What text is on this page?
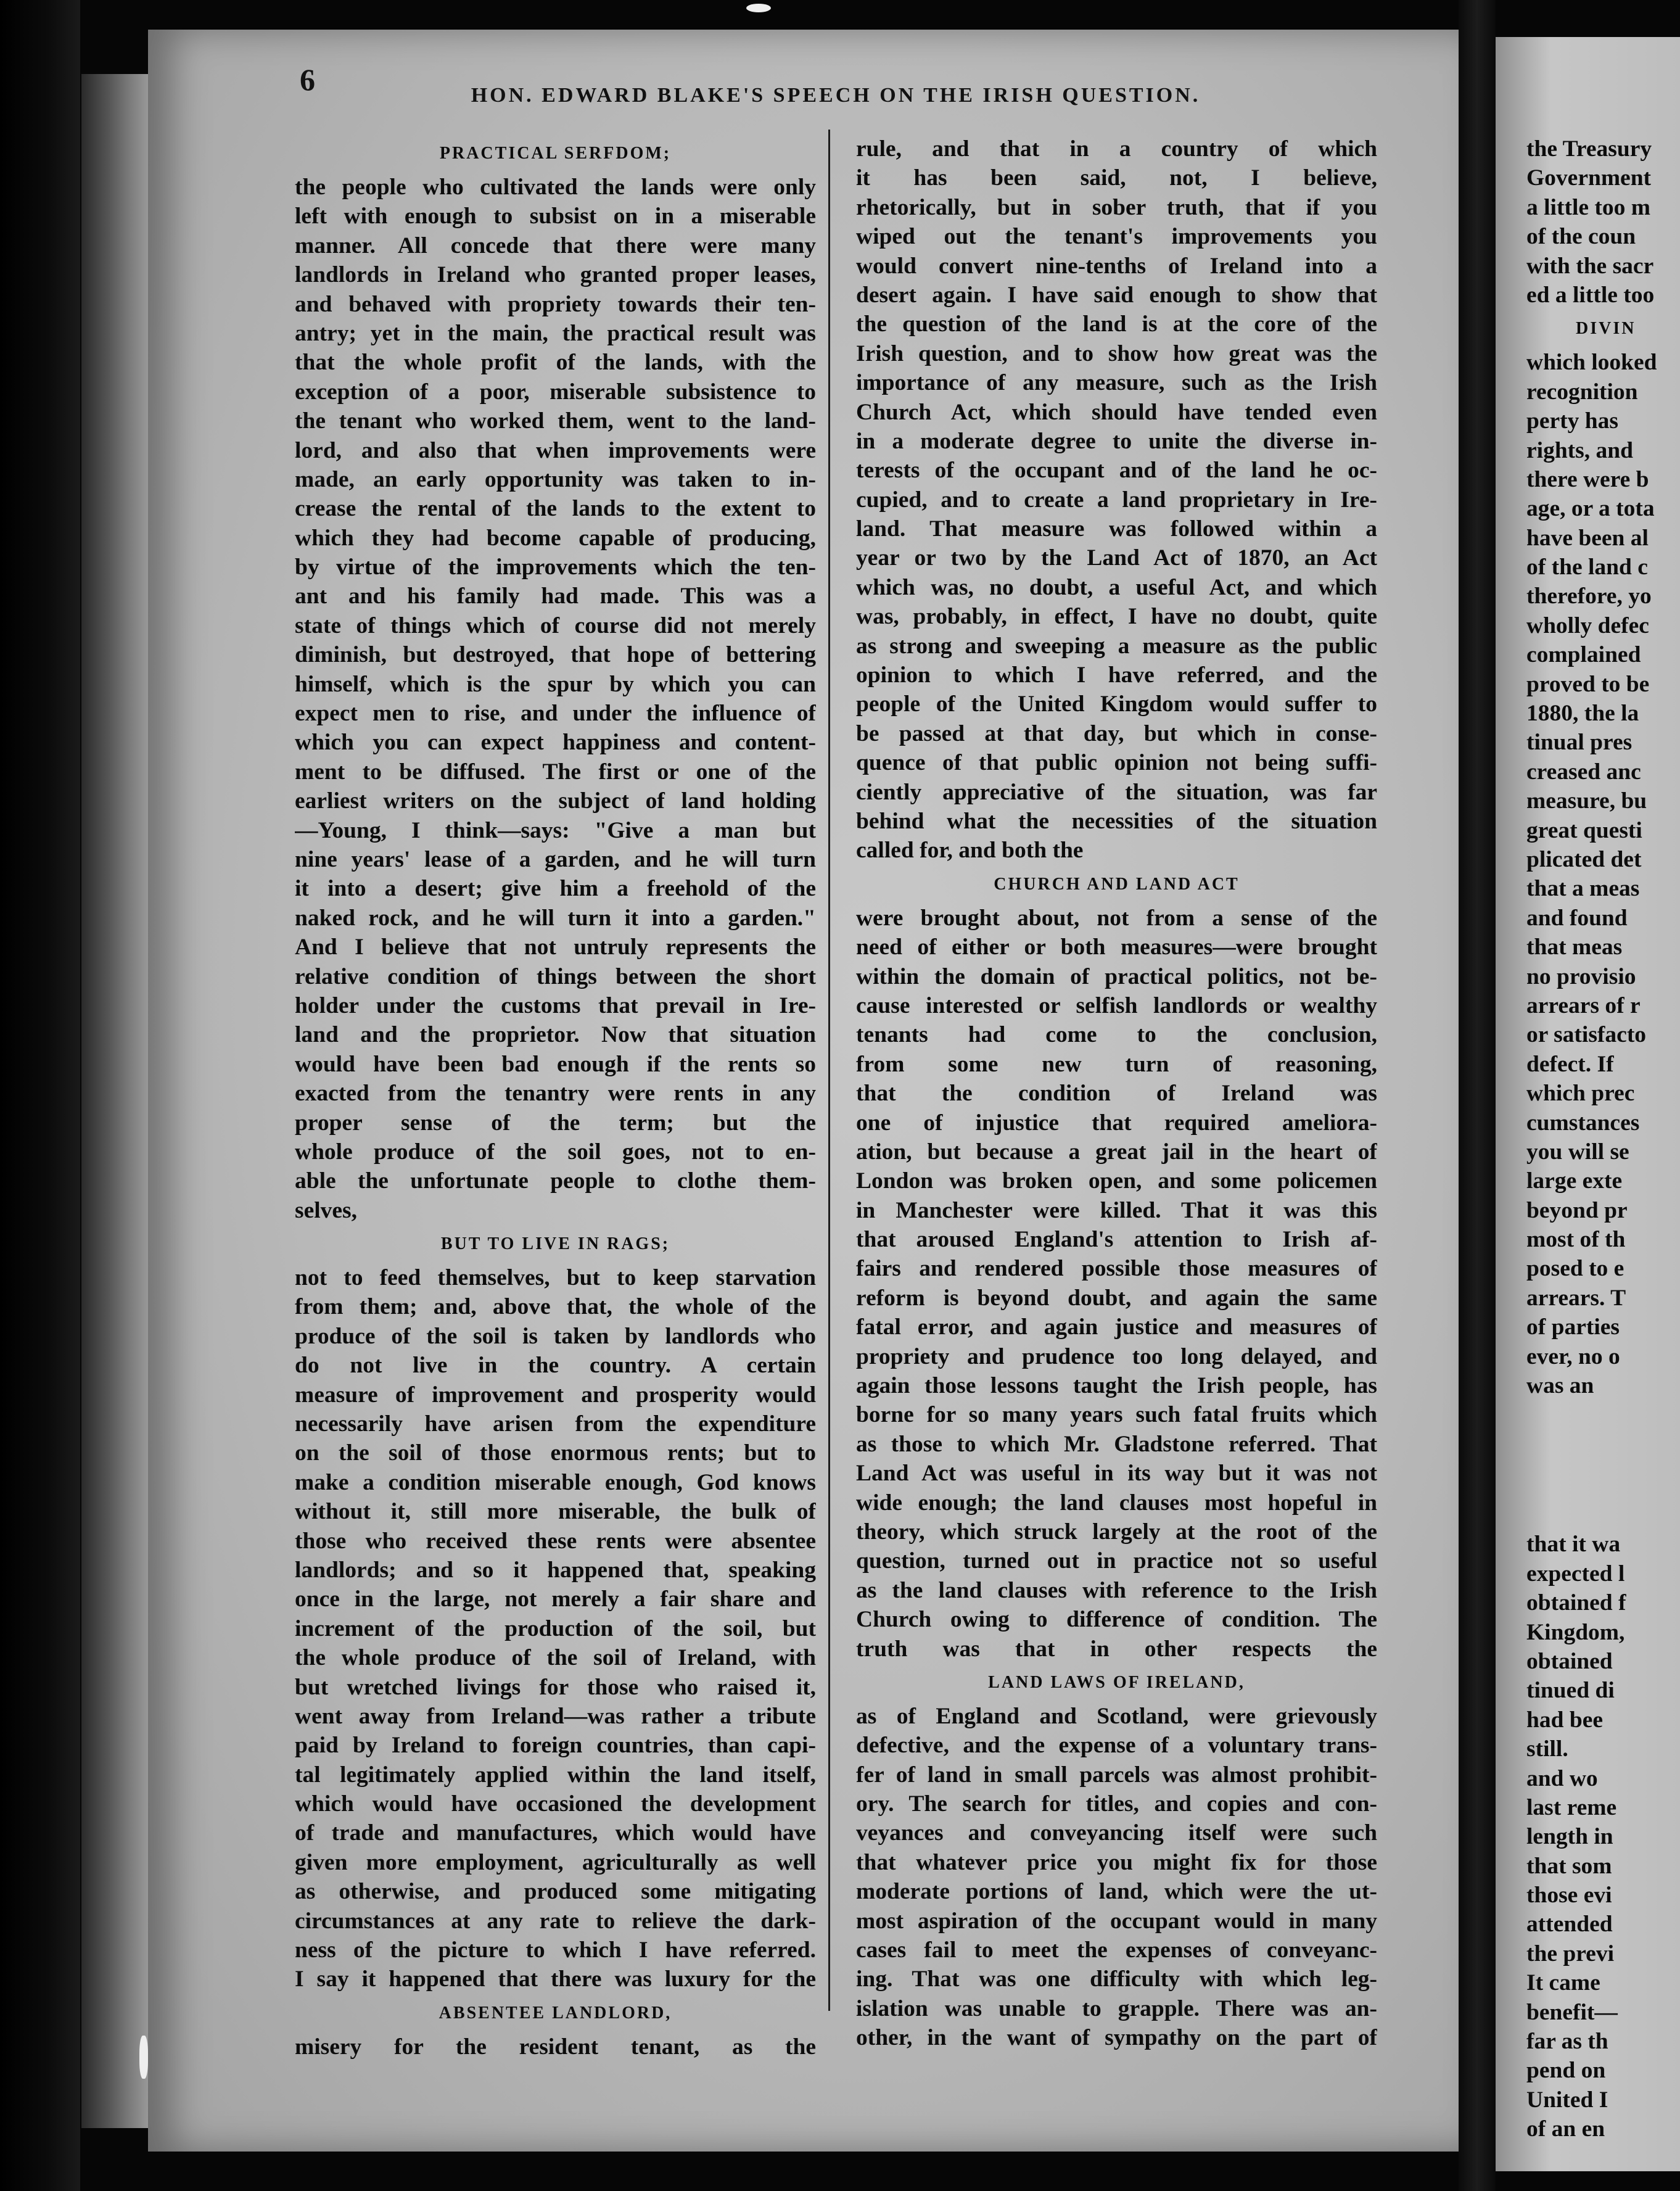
6	HON. EDWARD BLAKE'S SPEECH ON THE IRISH QUESTION.
PRACTICAL SERFDOM;
the people who cultivated the lands were only
left with enough to subsist on in a miserable
manner. All concede that there were many
landlords in Ireland who granted proper leases,
and behaved with propriety towards their ten-
antry; yet in the main, the practical result was
that the whole profit of the lands, with the
exception of a poor, miserable subsistence to
the tenant who worked them, went to the land-
lord, and also that when improvements were
made, an early opportunity was taken to in-
crease the rental of the lands to the extent to
which they had become capable of producing,
by virtue of the improvements which the ten-
ant and his family had made. This was a
state of things which of course did not merely
diminish, but destroyed, that hope of bettering
himself, which is the spur by which you can
expect men to rise, and under the influence of
which you can expect happiness and content-
ment to be diffused. The first or one of the
earliest writers on the subject of land holding
—Young, I think—says: "Give a man but
nine years' lease of a garden, and he will turn
it into a desert; give him a freehold of the
naked rock, and he will turn it into a garden."
And I believe that not untruly represents the
relative condition of things between the short
holder under the customs that prevail in Ire-
land and the proprietor. Now that situation
would have been bad enough if the rents so
exacted from the tenantry were rents in any
proper sense of the term; but the
whole produce of the soil goes, not to en-
able the unfortunate people to clothe them-
selves,
BUT TO LIVE IN RAGS;
not to feed themselves, but to keep starvation
from them; and, above that, the whole of the
produce of the soil is taken by landlords who
do not live in the country. A certain
measure of improvement and prosperity would
necessarily have arisen from the expenditure
on the soil of those enormous rents; but to
make a condition miserable enough, God knows
without it, still more miserable, the bulk of
those who received these rents were absentee
landlords; and so it happened that, speaking
once in the large, not merely a fair share and
increment of the production of the soil, but
the whole produce of the soil of Ireland, with
but wretched livings for those who raised it,
went away from Ireland—was rather a tribute
paid by Ireland to foreign countries, than capi-
tal legitimately applied within the land itself,
which would have occasioned the development
of trade and manufactures, which would have
given more employment, agriculturally as well
as otherwise, and produced some mitigating
circumstances at any rate to relieve the dark-
ness of the picture to which I have referred.
I say it happened that there was luxury for the
ABSENTEE LANDLORD,
misery for the resident tenant, as the
rule, and that in a country of which
it has been said, not, I believe,
rhetorically, but in sober truth, that if you
wiped out the tenant's improvements you
would convert nine-tenths of Ireland into a
desert again. I have said enough to show that
the question of the land is at the core of the
Irish question, and to show how great was the
importance of any measure, such as the Irish
Church Act, which should have tended even
in a moderate degree to unite the diverse in-
terests of the occupant and of the land he oc-
cupied, and to create a land proprietary in Ire-
land. That measure was followed within a
year or two by the Land Act of 1870, an Act
which was, no doubt, a useful Act, and which
was, probably, in effect, I have no doubt, quite
as strong and sweeping a measure as the public
opinion to which I have referred, and the
people of the United Kingdom would suffer to
be passed at that day, but which in conse-
quence of that public opinion not being suffi-
ciently appreciative of the situation, was far
behind what the necessities of the situation
called for, and both the
CHURCH AND LAND ACT
were brought about, not from a sense of the
need of either or both measures—were brought
within the domain of practical politics, not be-
cause interested or selfish landlords or wealthy
tenants had come to the conclusion,
from some new turn of reasoning,
that the condition of Ireland was
one of injustice that required ameliora-
ation, but because a great jail in the heart of
London was broken open, and some policemen
in Manchester were killed. That it was this
that aroused England's attention to Irish af-
fairs and rendered possible those measures of
reform is beyond doubt, and again the same
fatal error, and again justice and measures of
propriety and prudence too long delayed, and
again those lessons taught the Irish people, has
borne for so many years such fatal fruits which
as those to which Mr. Gladstone referred. That
Land Act was useful in its way but it was not
wide enough; the land clauses most hopeful in
theory, which struck largely at the root of the
question, turned out in practice not so useful
as the land clauses with reference to the Irish
Church owing to difference of condition. The
truth was that in other respects the
LAND LAWS OF IRELAND,
as of England and Scotland, were grievously
defective, and the expense of a voluntary trans-
fer of land in small parcels was almost prohibit-
ory. The search for titles, and copies and con-
veyances and conveyancing itself were such
that whatever price you might fix for those
moderate portions of land, which were the ut-
most aspiration of the occupant would in many
cases fail to meet the expenses of conveyanc-
ing. That was one difficulty with which leg-
islation was unable to grapple. There was an-
other, in the want of sympathy on the part of
the Treasury
Government
a little too m
of the coun
with the sacr
ed a little too
DIVIN
which looked
recognition
perty has
rights, and
there were b
age, or a tota
have been al
of the land c
therefore, yo
wholly defec
complained
proved to be
1880, the la
tinual pres
creased anc
measure, bu
great questi
plicated det
that a meas
and found
that meas
no provisio
arrears of r
or satisfacto
defect. If
which prec
cumstances
you will se
large exte
beyond pr
most of th
posed to e
arrears. T
of parties
ever, no o
was an
that it wa
expected l
obtained f
Kingdom,
obtained
tinued di
had bee
still.
and wo
last reme
length in
that som
those evi
attended
the previ
It came
benefit—
far as th
pend on
United I
of an en
